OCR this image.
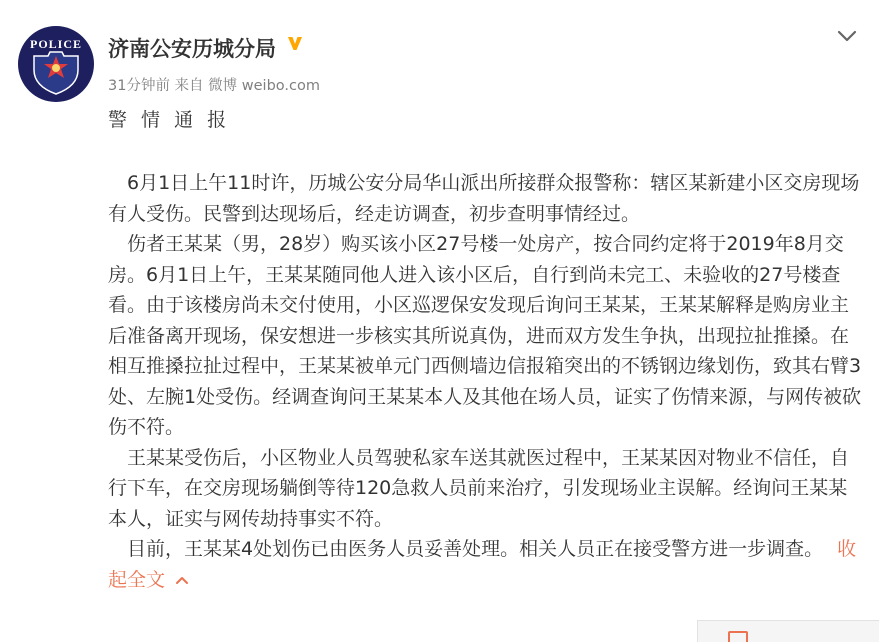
POLICE	济南公安历城分局
31分钟前 来自 微博 weibo.com
警 情 通 报

6月1日上午11时许，历城公安分局华山派出所接群众报警称：辖区某新建小区交房现场有人受伤。民警到达现场后，经走访调查，初步查明事情经过。

伤者王某某（男，28岁）购买该小区27号楼一处房产，按合同约定将于2019年8月交房。6月1日上午，王某某随同他人进入该小区后，自行到尚未完工、未验收的27号楼查看。由于该楼房尚未交付使用，小区巡逻保安发现后询问王某某，王某某解释是购房业主后准备离开现场，保安想进一步核实其所说真伪，进而双方发生争执，出现拉扯推搡。在相互推搡拉扯过程中，王某某被单元门西侧墙边信报箱突出的不锈钢边缘划伤，致其右臂3处、左腕1处受伤。经调查询问王某某本人及其他在场人员，证实了伤情来源，与网传被砍伤不符。

王某某受伤后，小区物业人员驾驶私家车送其就医过程中，王某某因对物业不信任，自行下车，在交房现场躺倒等待120急救人员前来治疗，引发现场业主误解。经询问王某某本人，证实与网传劫持事实不符。

目前，王某某4处划伤已由医务人员妥善处理。相关人员正在接受警方进一步调查。 收起全文
